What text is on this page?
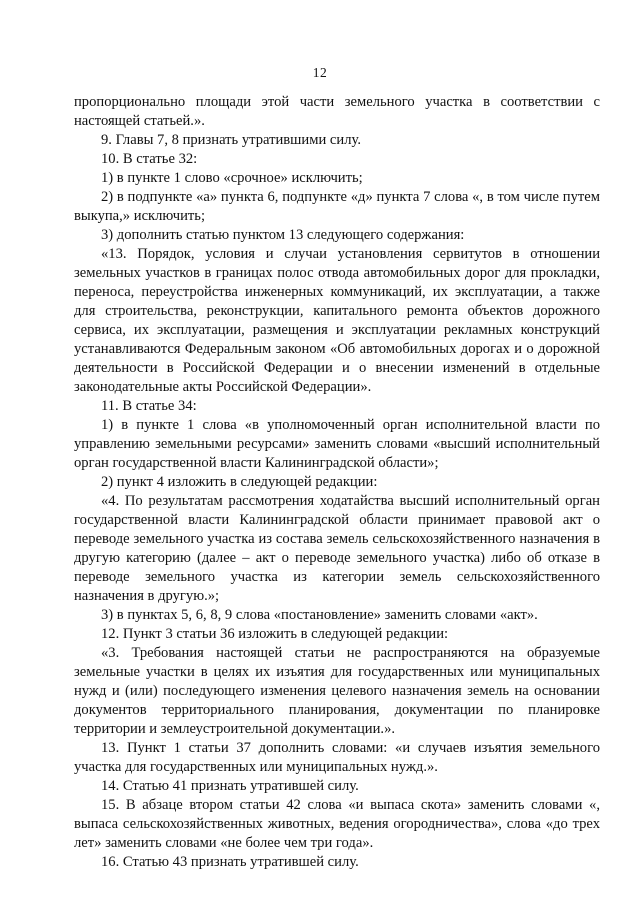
12

пропорционально площади этой части земельного участка в соответствии с настоящей статьей.».

9. Главы 7, 8 признать утратившими силу.

10. В статье 32:

1) в пункте 1 слово «срочное» исключить;

2) в подпункте «а» пункта 6, подпункте «д» пункта 7 слова «, в том числе путем выкупа,» исключить;

3) дополнить статью пунктом 13 следующего содержания:

«13. Порядок, условия и случаи установления сервитутов в отношении земельных участков в границах полос отвода автомобильных дорог для прокладки, переноса, переустройства инженерных коммуникаций, их эксплуатации, а также для строительства, реконструкции, капитального ремонта объектов дорожного сервиса, их эксплуатации, размещения и эксплуатации рекламных конструкций устанавливаются Федеральным законом «Об автомобильных дорогах и о дорожной деятельности в Российской Федерации и о внесении изменений в отдельные законодательные акты Российской Федерации».

11. В статье 34:

1) в пункте 1 слова «в уполномоченный орган исполнительной власти по управлению земельными ресурсами» заменить словами «высший исполнительный орган государственной власти Калининградской области»;

2) пункт 4 изложить в следующей редакции:

«4. По результатам рассмотрения ходатайства высший исполнительный орган государственной власти Калининградской области принимает правовой акт о переводе земельного участка из состава земель сельскохозяйственного назначения в другую категорию (далее – акт о переводе земельного участка) либо об отказе в переводе земельного участка из категории земель сельскохозяйственного назначения в другую.»;

3) в пунктах 5, 6, 8, 9 слова «постановление» заменить словами «акт».

12. Пункт 3 статьи 36 изложить в следующей редакции:

«3. Требования настоящей статьи не распространяются на образуемые земельные участки в целях их изъятия для государственных или муниципальных нужд и (или) последующего изменения целевого назначения земель на основании документов территориального планирования, документации по планировке территории и землеустроительной документации.».

13. Пункт 1 статьи 37 дополнить словами: «и случаев изъятия земельного участка для государственных или муниципальных нужд.».

14. Статью 41 признать утратившей силу.

15. В абзаце втором статьи 42 слова «и выпаса скота» заменить словами «, выпаса сельскохозяйственных животных, ведения огородничества», слова «до трех лет» заменить словами «не более чем три года».

16. Статью 43 признать утратившей силу.
